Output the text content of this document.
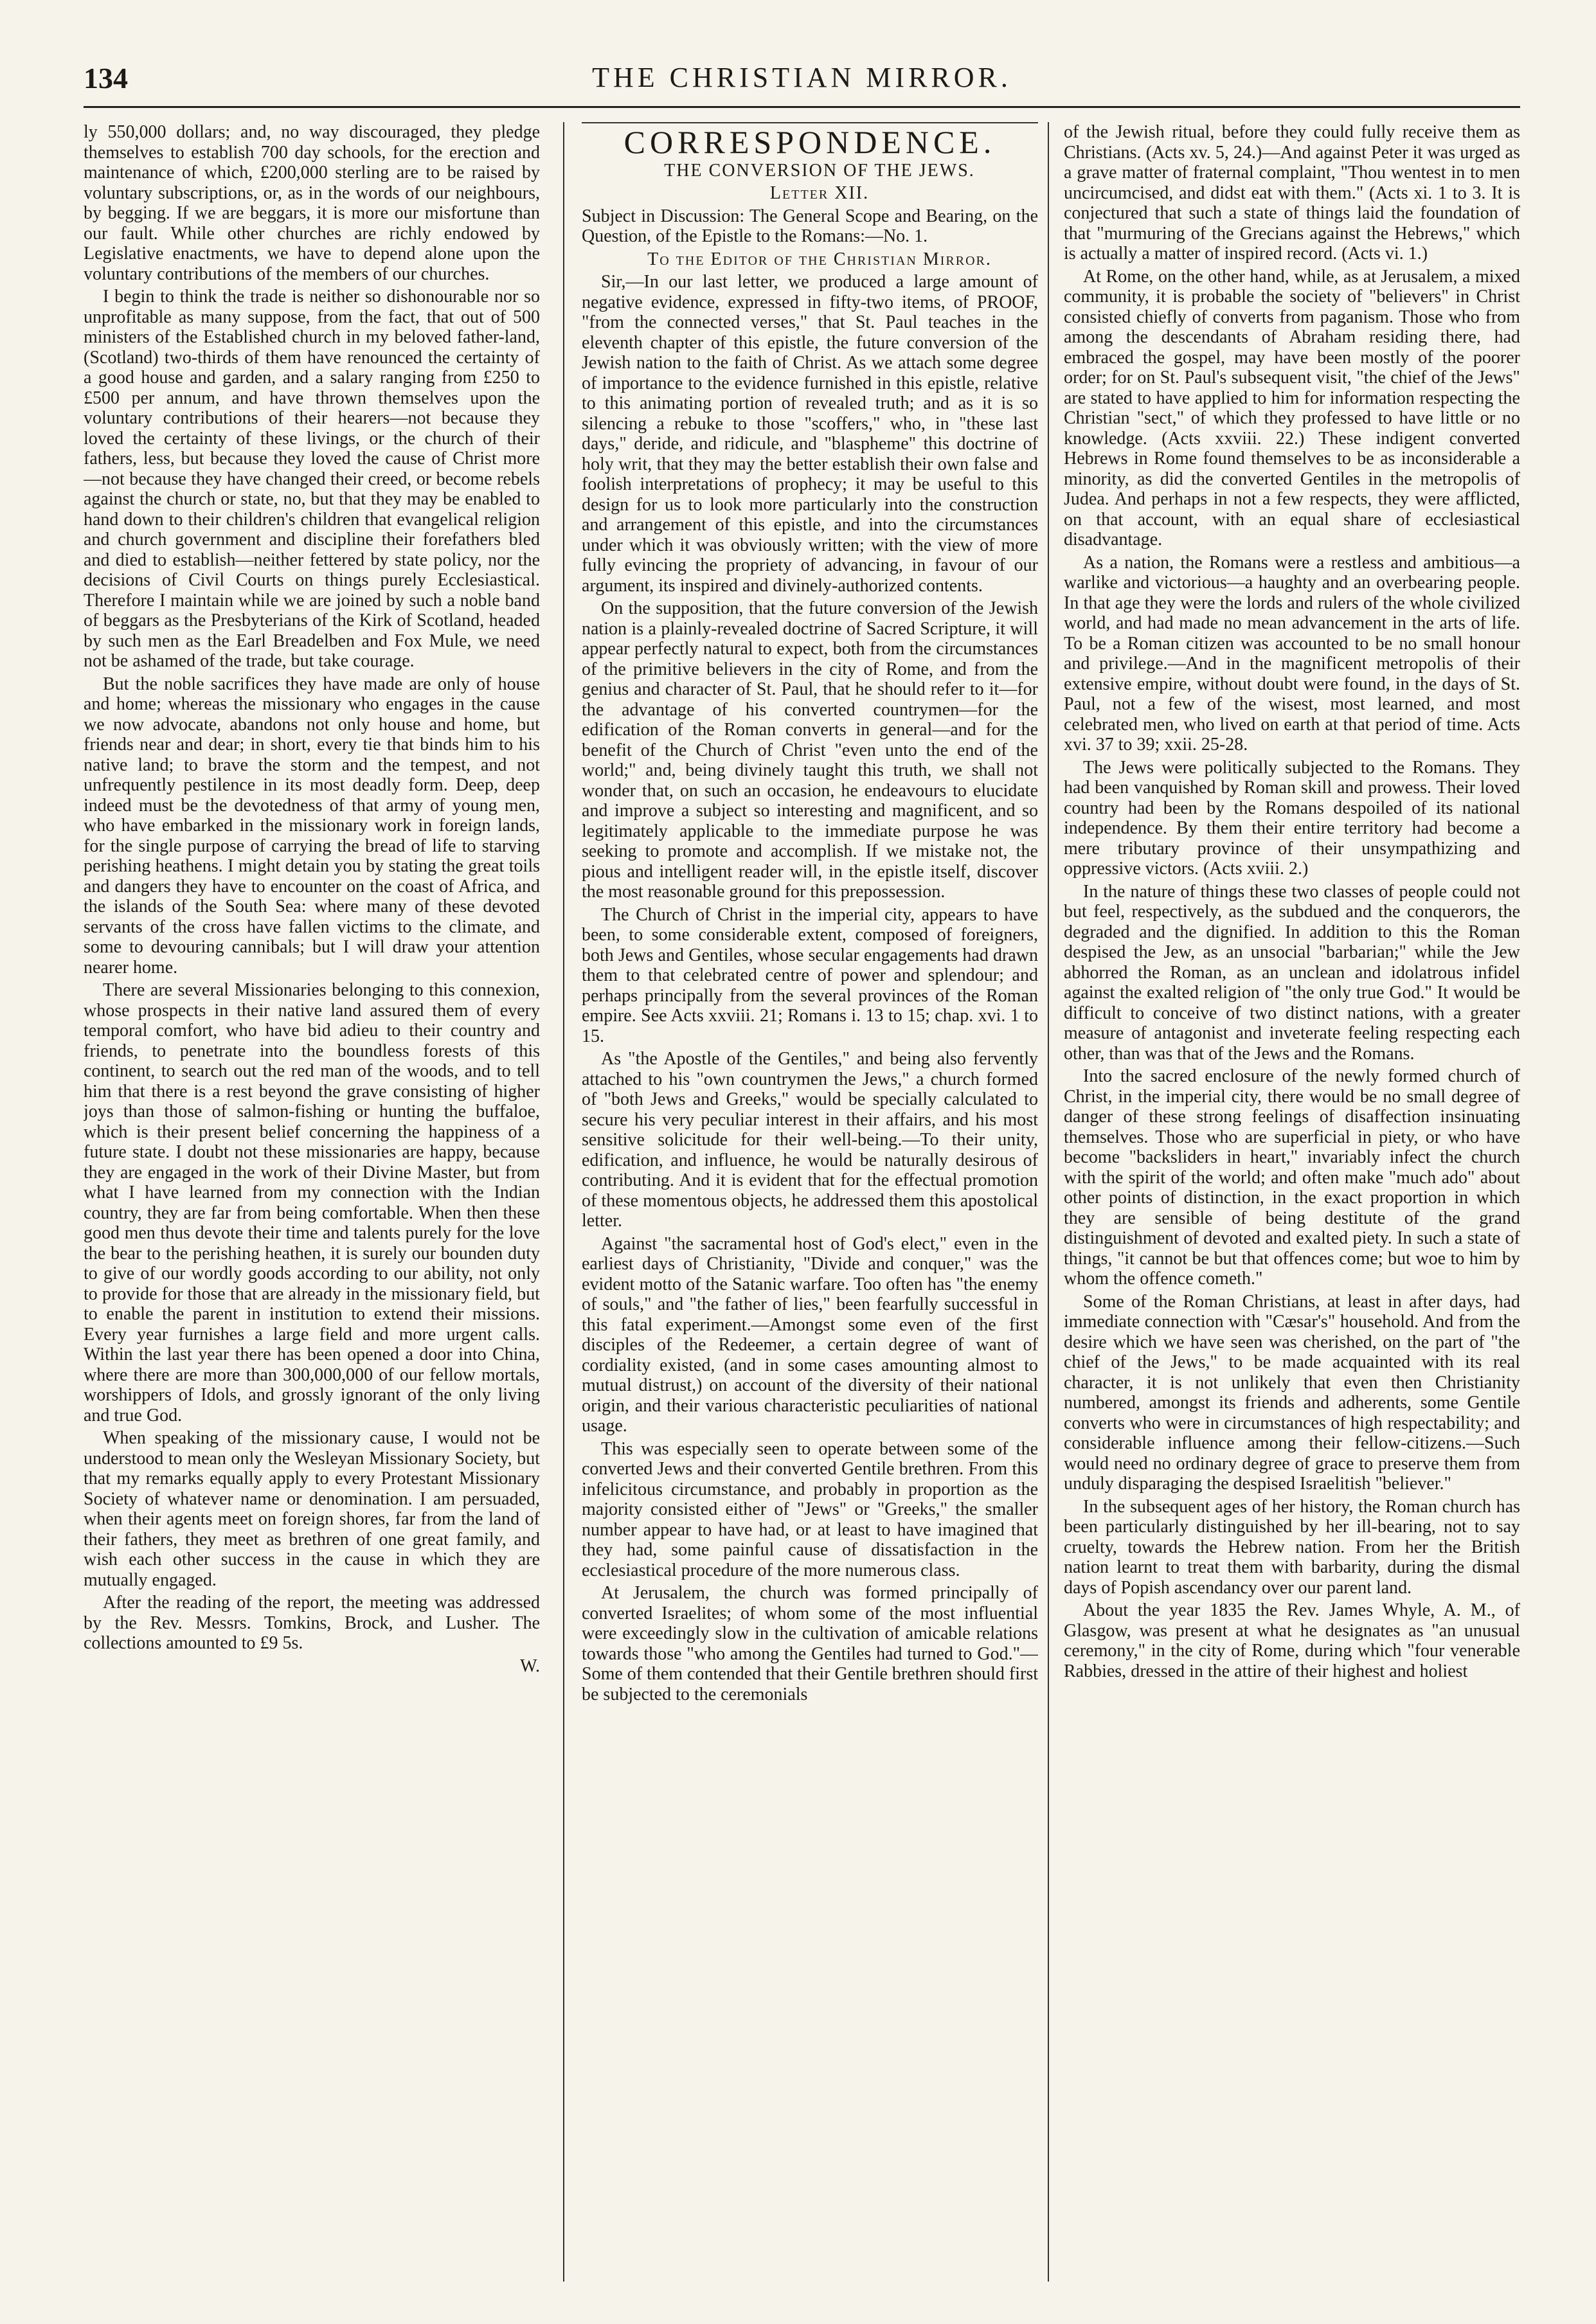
134	THE CHRISTIAN MIRROR.

ly 550,000 dollars; and, no way discouraged, they pledge themselves to establish 700 day schools, for the erection and maintenance of which, £200,000 sterling are to be raised by voluntary subscriptions, or, as in the words of our neighbours, by begging. If we are beggars, it is more our misfortune than our fault. While other churches are richly endowed by Legislative enactments, we have to depend alone upon the voluntary contributions of the members of our churches.

I begin to think the trade is neither so dishonourable nor so unprofitable as many suppose, from the fact, that out of 500 ministers of the Established church in my beloved father-land, (Scotland) two-thirds of them have renounced the certainty of a good house and garden, and a salary ranging from £250 to £500 per annum, and have thrown themselves upon the voluntary contributions of their hearers—not because they loved the certainty of these livings, or the church of their fathers, less, but because they loved the cause of Christ more—not because they have changed their creed, or become rebels against the church or state, no, but that they may be enabled to hand down to their children's children that evangelical religion and church government and discipline their forefathers bled and died to establish—neither fettered by state policy, nor the decisions of Civil Courts on things purely Ecclesiastical. Therefore I maintain while we are joined by such a noble band of beggars as the Presbyterians of the Kirk of Scotland, headed by such men as the Earl Breadelben and Fox Mule, we need not be ashamed of the trade, but take courage.

But the noble sacrifices they have made are only of house and home; whereas the missionary who engages in the cause we now advocate, abandons not only house and home, but friends near and dear; in short, every tie that binds him to his native land; to brave the storm and the tempest, and not unfrequently pestilence in its most deadly form. Deep, deep indeed must be the devotedness of that army of young men, who have embarked in the missionary work in foreign lands, for the single purpose of carrying the bread of life to starving perishing heathens. I might detain you by stating the great toils and dangers they have to encounter on the coast of Africa, and the islands of the South Sea: where many of these devoted servants of the cross have fallen victims to the climate, and some to devouring cannibals; but I will draw your attention nearer home.

There are several Missionaries belonging to this connexion, whose prospects in their native land assured them of every temporal comfort, who have bid adieu to their country and friends, to penetrate into the boundless forests of this continent, to search out the red man of the woods, and to tell him that there is a rest beyond the grave consisting of higher joys than those of salmon-fishing or hunting the buffaloe, which is their present belief concerning the happiness of a future state. I doubt not these missionaries are happy, because they are engaged in the work of their Divine Master, but from what I have learned from my connection with the Indian country, they are far from being comfortable. When then these good men thus devote their time and talents purely for the love the bear to the perishing heathen, it is surely our bounden duty to give of our wordly goods according to our ability, not only to provide for those that are already in the missionary field, but to enable the parent in institution to extend their missions. Every year furnishes a large field and more urgent calls. Within the last year there has been opened a door into China, where there are more than 300,000,000 of our fellow mortals, worshippers of Idols, and grossly ignorant of the only living and true God.

When speaking of the missionary cause, I would not be understood to mean only the Wesleyan Missionary Society, but that my remarks equally apply to every Protestant Missionary Society of whatever name or denomination. I am persuaded, when their agents meet on foreign shores, far from the land of their fathers, they meet as brethren of one great family, and wish each other success in the cause in which they are mutually engaged.

After the reading of the report, the meeting was addressed by the Rev. Messrs. Tomkins, Brock, and Lusher. The collections amounted to £9 5s.

W.

CORRESPONDENCE.

THE CONVERSION OF THE JEWS.

Letter XII.

Subject in Discussion: The General Scope and Bearing, on the Question, of the Epistle to the Romans:—No. 1.

To the Editor of the Christian Mirror.

Sir,—In our last letter, we produced a large amount of negative evidence, expressed in fifty-two items, of PROOF, "from the connected verses," that St. Paul teaches in the eleventh chapter of this epistle, the future conversion of the Jewish nation to the faith of Christ. As we attach some degree of importance to the evidence furnished in this epistle, relative to this animating portion of revealed truth; and as it is so silencing a rebuke to those "scoffers," who, in "these last days," deride, and ridicule, and "blaspheme" this doctrine of holy writ, that they may the better establish their own false and foolish interpretations of prophecy; it may be useful to this design for us to look more particularly into the construction and arrangement of this epistle, and into the circumstances under which it was obviously written; with the view of more fully evincing the propriety of advancing, in favour of our argument, its inspired and divinely-authorized contents.

On the supposition, that the future conversion of the Jewish nation is a plainly-revealed doctrine of Sacred Scripture, it will appear perfectly natural to expect, both from the circumstances of the primitive believers in the city of Rome, and from the genius and character of St. Paul, that he should refer to it—for the advantage of his converted countrymen—for the edification of the Roman converts in general—and for the benefit of the Church of Christ "even unto the end of the world;" and, being divinely taught this truth, we shall not wonder that, on such an occasion, he endeavours to elucidate and improve a subject so interesting and magnificent, and so legitimately applicable to the immediate purpose he was seeking to promote and accomplish. If we mistake not, the pious and intelligent reader will, in the epistle itself, discover the most reasonable ground for this prepossession.

The Church of Christ in the imperial city, appears to have been, to some considerable extent, composed of foreigners, both Jews and Gentiles, whose secular engagements had drawn them to that celebrated centre of power and splendour; and perhaps principally from the several provinces of the Roman empire. See Acts xxviii. 21; Romans i. 13 to 15; chap. xvi. 1 to 15.

As "the Apostle of the Gentiles," and being also fervently attached to his "own countrymen the Jews," a church formed of "both Jews and Greeks," would be specially calculated to secure his very peculiar interest in their affairs, and his most sensitive solicitude for their well-being.—To their unity, edification, and influence, he would be naturally desirous of contributing. And it is evident that for the effectual promotion of these momentous objects, he addressed them this apostolical letter.

Against "the sacramental host of God's elect," even in the earliest days of Christianity, "Divide and conquer," was the evident motto of the Satanic warfare. Too often has "the enemy of souls," and "the father of lies," been fearfully successful in this fatal experiment.—Amongst some even of the first disciples of the Redeemer, a certain degree of want of cordiality existed, (and in some cases amounting almost to mutual distrust,) on account of the diversity of their national origin, and their various characteristic peculiarities of national usage.

This was especially seen to operate between some of the converted Jews and their converted Gentile brethren. From this infelicitous circumstance, and probably in proportion as the majority consisted either of "Jews" or "Greeks," the smaller number appear to have had, or at least to have imagined that they had, some painful cause of dissatisfaction in the ecclesiastical procedure of the more numerous class.

At Jerusalem, the church was formed principally of converted Israelites; of whom some of the most influential were exceedingly slow in the cultivation of amicable relations towards those "who among the Gentiles had turned to God."—Some of them contended that their Gentile brethren should first be subjected to the ceremonials

of the Jewish ritual, before they could fully receive them as Christians. (Acts xv. 5, 24.)—And against Peter it was urged as a grave matter of fraternal complaint, "Thou wentest in to men uncircumcised, and didst eat with them." (Acts xi. 1 to 3. It is conjectured that such a state of things laid the foundation of that "murmuring of the Grecians against the Hebrews," which is actually a matter of inspired record. (Acts vi. 1.)

At Rome, on the other hand, while, as at Jerusalem, a mixed community, it is probable the society of "believers" in Christ consisted chiefly of converts from paganism. Those who from among the descendants of Abraham residing there, had embraced the gospel, may have been mostly of the poorer order; for on St. Paul's subsequent visit, "the chief of the Jews" are stated to have applied to him for information respecting the Christian "sect," of which they professed to have little or no knowledge. (Acts xxviii. 22.) These indigent converted Hebrews in Rome found themselves to be as inconsiderable a minority, as did the converted Gentiles in the metropolis of Judea. And perhaps in not a few respects, they were afflicted, on that account, with an equal share of ecclesiastical disadvantage.

As a nation, the Romans were a restless and ambitious—a warlike and victorious—a haughty and an overbearing people. In that age they were the lords and rulers of the whole civilized world, and had made no mean advancement in the arts of life. To be a Roman citizen was accounted to be no small honour and privilege.—And in the magnificent metropolis of their extensive empire, without doubt were found, in the days of St. Paul, not a few of the wisest, most learned, and most celebrated men, who lived on earth at that period of time. Acts xvi. 37 to 39; xxii. 25-28.

The Jews were politically subjected to the Romans. They had been vanquished by Roman skill and prowess. Their loved country had been by the Romans despoiled of its national independence. By them their entire territory had become a mere tributary province of their unsympathizing and oppressive victors. (Acts xviii. 2.)

In the nature of things these two classes of people could not but feel, respectively, as the subdued and the conquerors, the degraded and the dignified. In addition to this the Roman despised the Jew, as an unsocial "barbarian;" while the Jew abhorred the Roman, as an unclean and idolatrous infidel against the exalted religion of "the only true God." It would be difficult to conceive of two distinct nations, with a greater measure of antagonist and inveterate feeling respecting each other, than was that of the Jews and the Romans.

Into the sacred enclosure of the newly formed church of Christ, in the imperial city, there would be no small degree of danger of these strong feelings of disaffection insinuating themselves. Those who are superficial in piety, or who have become "backsliders in heart," invariably infect the church with the spirit of the world; and often make "much ado" about other points of distinction, in the exact proportion in which they are sensible of being destitute of the grand distinguishment of devoted and exalted piety. In such a state of things, "it cannot be but that offences come; but woe to him by whom the offence cometh."

Some of the Roman Christians, at least in after days, had immediate connection with "Cæsar's" household. And from the desire which we have seen was cherished, on the part of "the chief of the Jews," to be made acquainted with its real character, it is not unlikely that even then Christianity numbered, amongst its friends and adherents, some Gentile converts who were in circumstances of high respectability; and considerable influence among their fellow-citizens.—Such would need no ordinary degree of grace to preserve them from unduly disparaging the despised Israelitish "believer."

In the subsequent ages of her history, the Roman church has been particularly distinguished by her ill-bearing, not to say cruelty, towards the Hebrew nation. From her the British nation learnt to treat them with barbarity, during the dismal days of Popish ascendancy over our parent land.

About the year 1835 the Rev. James Whyle, A. M., of Glasgow, was present at what he designates as "an unusual ceremony," in the city of Rome, during which "four venerable Rabbies, dressed in the attire of their highest and holiest
